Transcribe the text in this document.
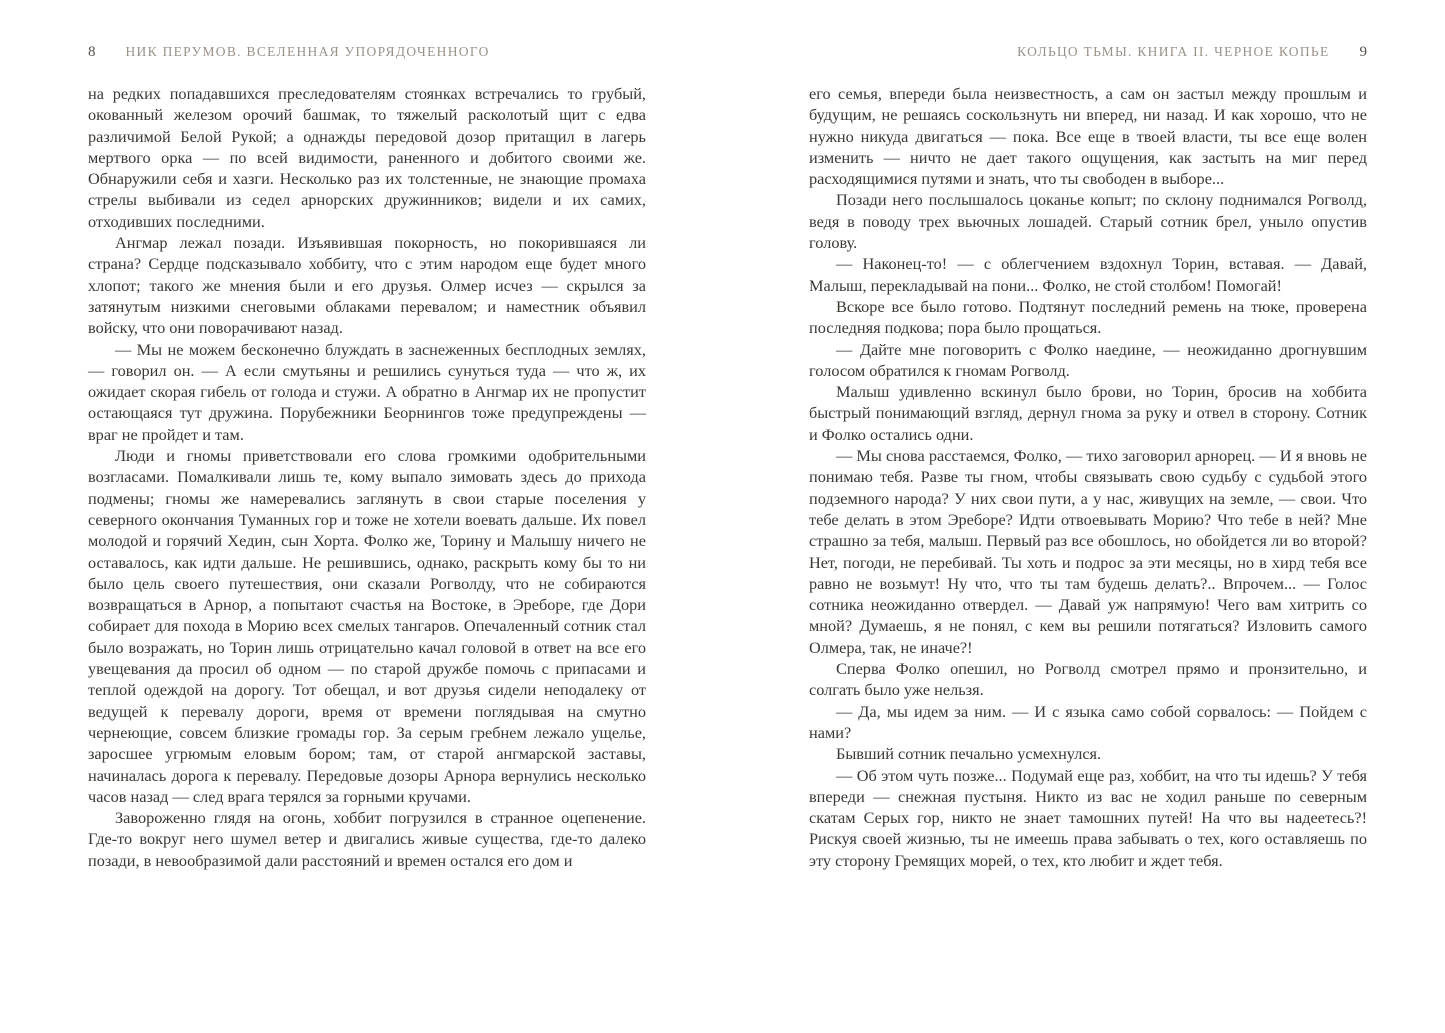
8 НИК ПЕРУМОВ. ВСЕЛЕННАЯ УПОРЯДОЧЕННОГО

на редких попадавшихся преследователям стоянках встречались то грубый, окованный железом орочий башмак, то тяжелый расколотый щит с едва различимой Белой Рукой; а однажды передовой дозор притащил в лагерь мертвого орка — по всей видимости, раненного и добитого своими же. Обнаружили себя и хазги. Несколько раз их толстенные, не знающие промаха стрелы выбивали из седел арнорских дружинников; видели и их самих, отходивших последними.

Ангмар лежал позади. Изъявившая покорность, но покорившаяся ли страна? Сердце подсказывало хоббиту, что с этим народом еще будет много хлопот; такого же мнения были и его друзья. Олмер исчез — скрылся за затянутым низкими снеговыми облаками перевалом; и наместник объявил войску, что они поворачивают назад.

— Мы не можем бесконечно блуждать в заснеженных бесплодных землях, — говорил он. — А если смутьяны и решились сунуться туда — что ж, их ожидает скорая гибель от голода и стужи. А обратно в Ангмар их не пропустит остающаяся тут дружина. Порубежники Беорнингов тоже предупреждены — враг не пройдет и там.

Люди и гномы приветствовали его слова громкими одобрительными возгласами. Помалкивали лишь те, кому выпало зимовать здесь до прихода подмены; гномы же намеревались заглянуть в свои старые поселения у северного окончания Туманных гор и тоже не хотели воевать дальше. Их повел молодой и горячий Хедин, сын Хорта. Фолко же, Торину и Малышу ничего не оставалось, как идти дальше. Не решившись, однако, раскрыть кому бы то ни было цель своего путешествия, они сказали Рогволду, что не собираются возвращаться в Арнор, а попытают счастья на Востоке, в Эреборе, где Дори собирает для похода в Морию всех смелых тангаров. Опечаленный сотник стал было возражать, но Торин лишь отрицательно качал головой в ответ на все его увещевания да просил об одном — по старой дружбе помочь с припасами и теплой одеждой на дорогу. Тот обещал, и вот друзья сидели неподалеку от ведущей к перевалу дороги, время от времени поглядывая на смутно чернеющие, совсем близкие громады гор. За серым гребнем лежало ущелье, заросшее угрюмым еловым бором; там, от старой ангмарской заставы, начиналась дорога к перевалу. Передовые дозоры Арнора вернулись несколько часов назад — след врага терялся за горными кручами.

Завороженно глядя на огонь, хоббит погрузился в странное оцепенение. Где-то вокруг него шумел ветер и двигались живые существа, где-то далеко позади, в невообразимой дали расстояний и времен остался его дом и

КОЛЬЦО ТЬМЫ. КНИГА II. ЧЕРНОЕ КОПЬЕ 9

его семья, впереди была неизвестность, а сам он застыл между прошлым и будущим, не решаясь соскользнуть ни вперед, ни назад. И как хорошо, что не нужно никуда двигаться — пока. Все еще в твоей власти, ты все еще волен изменить — ничто не дает такого ощущения, как застыть на миг перед расходящимися путями и знать, что ты свободен в выборе...

Позади него послышалось цоканье копыт; по склону поднимался Рогволд, ведя в поводу трех вьючных лошадей. Старый сотник брел, уныло опустив голову.

— Наконец-то! — с облегчением вздохнул Торин, вставая. — Давай, Малыш, перекладывай на пони... Фолко, не стой столбом! Помогай!

Вскоре все было готово. Подтянут последний ремень на тюке, проверена последняя подкова; пора было прощаться.

— Дайте мне поговорить с Фолко наедине, — неожиданно дрогнувшим голосом обратился к гномам Рогволд.

Малыш удивленно вскинул было брови, но Торин, бросив на хоббита быстрый понимающий взгляд, дернул гнома за руку и отвел в сторону. Сотник и Фолко остались одни.

— Мы снова расстаемся, Фолко, — тихо заговорил арнорец. — И я вновь не понимаю тебя. Разве ты гном, чтобы связывать свою судьбу с судьбой этого подземного народа? У них свои пути, а у нас, живущих на земле, — свои. Что тебе делать в этом Эреборе? Идти отвоевывать Морию? Что тебе в ней? Мне страшно за тебя, малыш. Первый раз все обошлось, но обойдется ли во второй? Нет, погоди, не перебивай. Ты хоть и подрос за эти месяцы, но в хирд тебя все равно не возьмут! Ну что, что ты там будешь делать?.. Впрочем... — Голос сотника неожиданно отвердел. — Давай уж напрямую! Чего вам хитрить со мной? Думаешь, я не понял, с кем вы решили потягаться? Изловить самого Олмера, так, не иначе?!

Сперва Фолко опешил, но Рогволд смотрел прямо и пронзительно, и солгать было уже нельзя.

— Да, мы идем за ним. — И с языка само собой сорвалось: — Пойдем с нами?

Бывший сотник печально усмехнулся.

— Об этом чуть позже... Подумай еще раз, хоббит, на что ты идешь? У тебя впереди — снежная пустыня. Никто из вас не ходил раньше по северным скатам Серых гор, никто не знает тамошних путей! На что вы надеетесь?! Рискуя своей жизнью, ты не имеешь права забывать о тех, кого оставляешь по эту сторону Гремящих морей, о тех, кто любит и ждет тебя.
